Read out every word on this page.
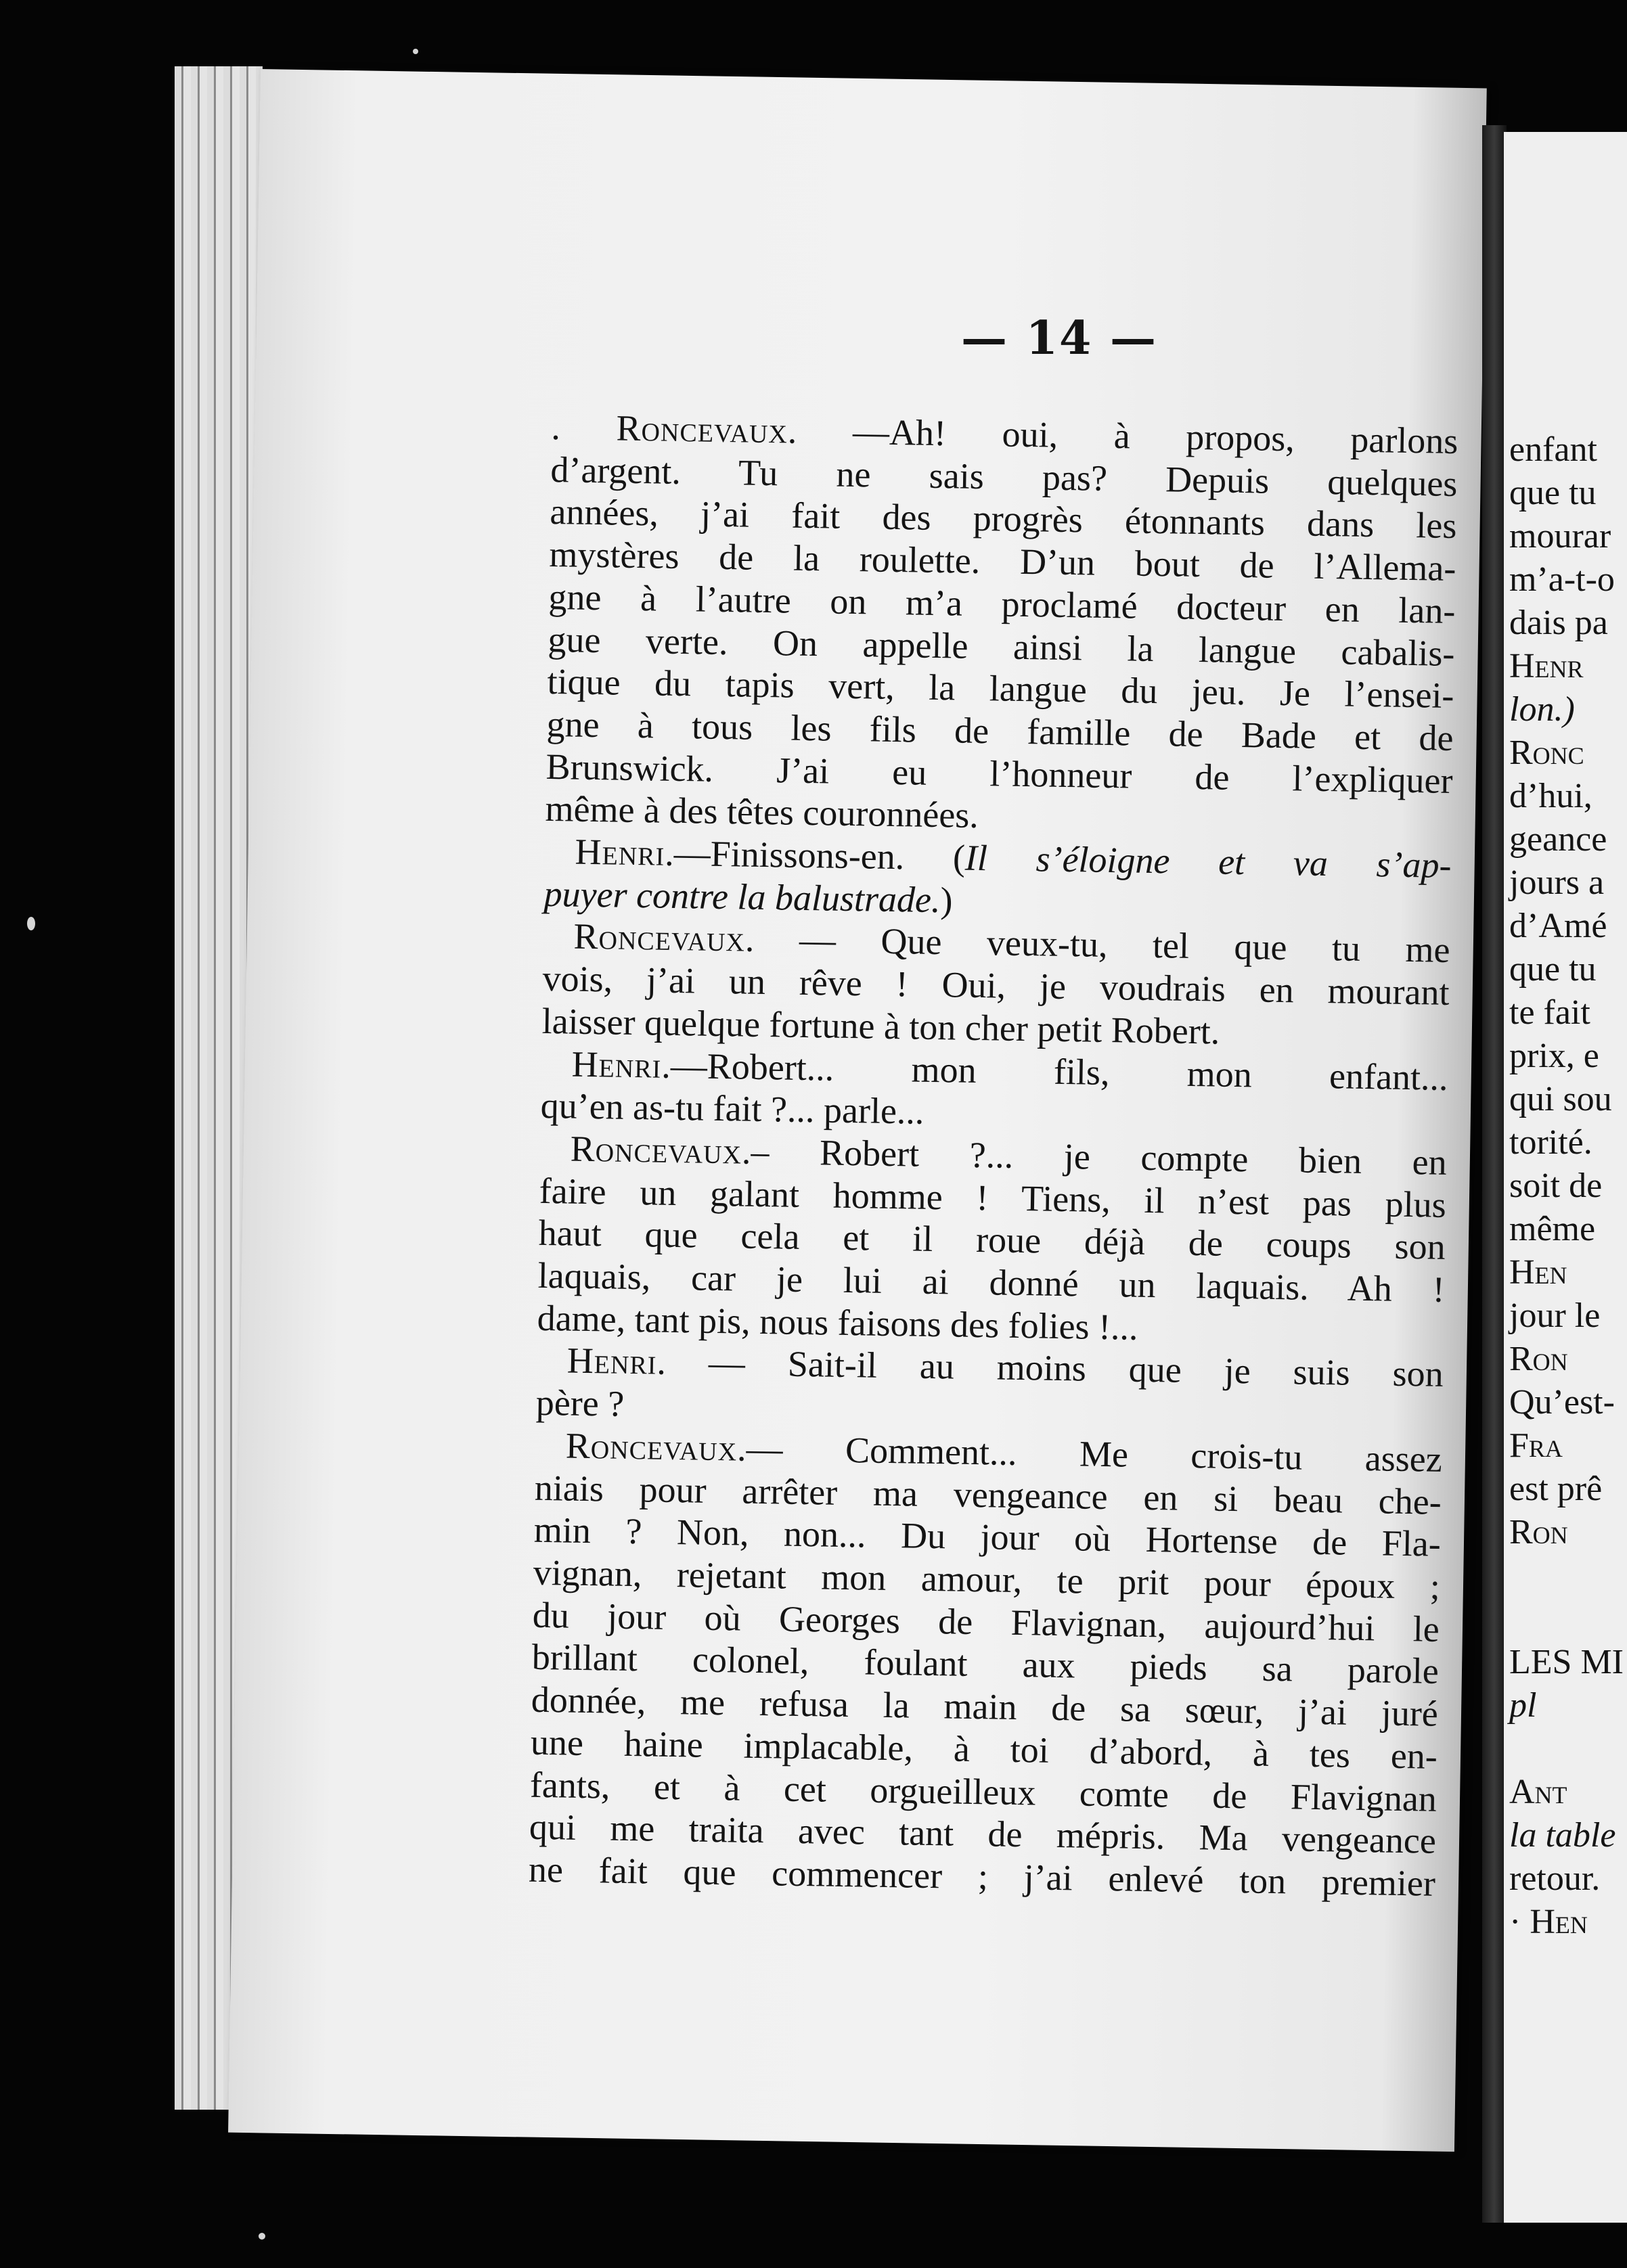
enfant
que tu
mourar
m’a-t-o
dais pa
Henr
lon.)
Ronc
d’hui,
geance
jours a
d’Amé
que tu
te fait
prix, e
qui sou
torité.
soit de
même
Hen
jour le
Ron
Qu’est-
Fra
est prê
Ron

LES MI
pl

Ant
la table
retour.
· Hen
— 14 —
. Roncevaux. —Ah! oui, à propos, parlons
d’argent. Tu ne sais pas? Depuis quelques
années, j’ai fait des progrès étonnants dans les
mystères de la roulette. D’un bout de l’Allema-
gne à l’autre on m’a proclamé docteur en lan-
gue verte. On appelle ainsi la langue cabalis-
tique du tapis vert, la langue du jeu. Je l’ensei-
gne à tous les fils de famille de Bade et de
Brunswick. J’ai eu l’honneur de l’expliquer
même à des têtes couronnées.
Henri.—Finissons-en. (Il s’éloigne et va s’ap-
puyer contre la balustrade.)
Roncevaux. — Que veux-tu, tel que tu me
vois, j’ai un rêve ! Oui, je voudrais en mourant
laisser quelque fortune à ton cher petit Robert.
Henri.—Robert... mon fils, mon enfant...
qu’en as-tu fait ?... parle...
Roncevaux.– Robert ?... je compte bien en
faire un galant homme ! Tiens, il n’est pas plus
haut que cela et il roue déjà de coups son
laquais, car je lui ai donné un laquais. Ah !
dame, tant pis, nous faisons des folies !...
Henri. — Sait-il au moins que je suis son
père ?
Roncevaux.— Comment... Me crois-tu assez
niais pour arrêter ma vengeance en si beau che-
min ? Non, non... Du jour où Hortense de Fla-
vignan, rejetant mon amour, te prit pour époux ;
du jour où Georges de Flavignan, aujourd’hui le
brillant colonel, foulant aux pieds sa parole
donnée, me refusa la main de sa sœur, j’ai juré
une haine implacable, à toi d’abord, à tes en-
fants, et à cet orgueilleux comte de Flavignan
qui me traita avec tant de mépris. Ma vengeance
ne fait que commencer ; j’ai enlevé ton premier
